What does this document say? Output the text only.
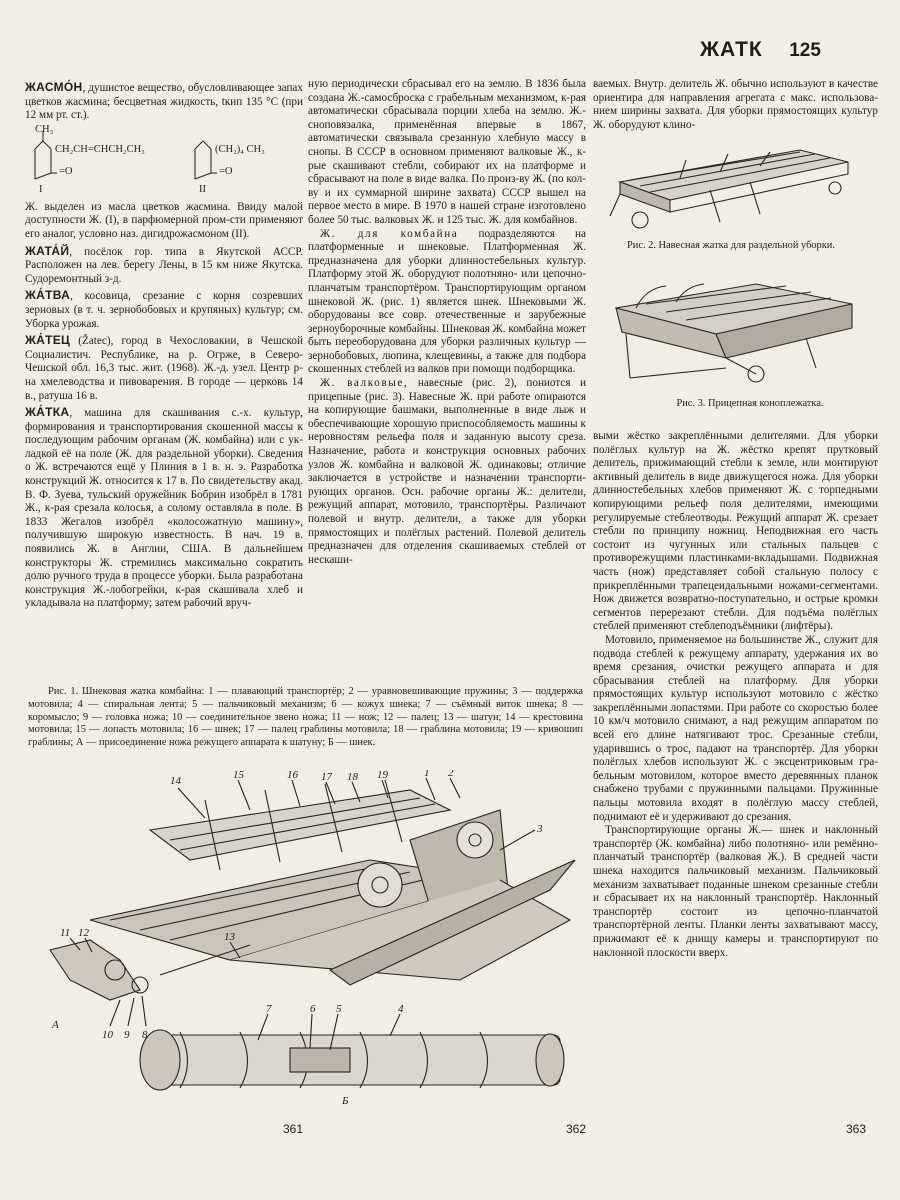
ЖАТК 125

ЖАСМО́Н, душистое вещество, обусловливающее запах цветков жасмина; бесцветная жидкость, tкип 135 °C (при 12 мм рт. ст.).

CH₃
CH₂CH=CHCH₂CH₃
=O
(CH₂)₄ CH₃
=O
I	II

Ж. выделен из масла цветков жасмина. Ввиду малой доступности Ж. (I), в парфюмерной пром-сти применяют его аналог, условно наз. дигидрожасмоном (II).

ЖАТА́Й, посёлок гор. типа в Якутской АССР. Расположен на лев. берегу Лены, в 15 км ниже Якутска. Судоремонтный з-д.

ЖА́ТВА, косовица, срезание с корня созревших зерновых (в т. ч. зернобобовых и крупяных) культур; см. Уборка урожая.

ЖА́ТЕЦ (Žatec), город в Чехословакии, в Чешской Социалистич. Республике, на р. Огрже, в Северо-Чешской обл. 16,3 тыс. жит. (1968). Ж.-д. узел. Центр р-на хмелеводства и пивоварения. В городе — церковь 14 в., ратуша 16 в.

ЖА́ТКА, машина для скашивания с.-х. культур, формирования и транспортирования скошенной массы к последующим рабочим органам (Ж. комбайна) или с укладкой её на поле (Ж. для раздельной уборки). Сведения о Ж. встречаются ещё у Плиния в 1 в. н. э. Разработка конструкций Ж. относится к 17 в. По свидетельству акад. В. Ф. Зуева, тульский оружейник Бобрин изобрёл в 1781 Ж., к-рая срезала колосья, а солому оставляла в поле. В 1833 Жегалов изобрёл «колосожатную машину», получившую широкую известность. В нач. 19 в. появились Ж. в Англии, США. В дальнейшем конструкторы Ж. стремились максимально сократить долю ручного труда в процессе уборки. Была разработана конструкция Ж.-лобогрейки, к-рая скашивала хлеб и укладывала на платформу; затем рабочий вруч-

ную периодически сбрасывал его на землю. В 1836 была создана Ж.-самосброска с грабельным механизмом, к-рая автоматически сбрасывала порции хлеба на землю. Ж.-сноповязалка, применённая впервые в 1867, автоматически связывала срезанную хлебную массу в снопы. В СССР в основном применяют валковые Ж., к-рые скашивают стебли, собирают их на платформе и сбрасывают на поле в виде валка. По произ-ву Ж. (по кол-ву и их суммарной ширине захвата) СССР вышел на первое место в мире. В 1970 в нашей стране изготовлено более 50 тыс. валковых Ж. и 125 тыс. Ж. для комбайнов.

Ж. для комбайна подразделяются на платформенные и шнековые. Платформенная Ж. предназначена для уборки длинностебельных культур. Платформу этой Ж. оборудуют полотняно- или цепочно-планчатым транспортёром. Транспортирующим органом шнековой Ж. (рис. 1) является шнек. Шнековыми Ж. оборудованы все совр. отечественные и зарубежные зерноуборочные комбайны. Шнековая Ж. комбайна может быть переоборудована для уборки различных культур — зернобобовых, люпина, клещевины, а также для подбора скошенных стеблей из валков при помощи подборщика.

Ж. валковые, навесные (рис. 2), пониотся и прицепные (рис. 3). Навесные Ж. при работе опираются на копирующие башмаки, выполненные в виде лыж и обеспечивающие хорошую приспособляемость машины к неровностям рельефа поля и заданную высоту среза. Назначение, работа и конструкция основных рабочих узлов Ж. комбайна и валковой Ж. одинаковы; отличие заключается в устройстве и назначении транспортирующих органов. Осн. рабочие органы Ж.: делители, режущий аппарат, мотовило, транспортёры. Различают полевой и внутр. делители, а также для уборки прямостоящих и полёглых растений. Полевой делитель предназначен для отделения скашиваемых стеблей от нескаши-

ваемых. Внутр. делитель Ж. обычно используют в качестве ориентира для направления агрегата с макс. использованием ширины захвата. Для уборки прямостоящих культур Ж. оборудуют клино-

Рис. 2. Навесная жатка для раздельной уборки.
Рис. 3. Прицепная коноплежатка.

выми жёстко закреплёнными делителями. Для уборки полёглых культур на Ж. жёстко крепят прутковый делитель, прижимающий стебли к земле, или монтируют активный делитель в виде движущегося ножа. Для уборки длинностебельных хлебов применяют Ж. с торпедными копирующими рельеф поля делителями, имеющими регулируемые стеблeотводы. Режущий аппарат Ж. срезает стебли по принципу ножниц. Неподвижная его часть состоит из чугунных или стальных пальцев с противорежущими пластинками-вкладышами. Подвижная часть (нож) представляет собой стальную полосу с прикреплёнными трапецеидальными ножами-сегментами. Нож движется возвратно-поступательно, и острые кромки сегментов перерезают стебли. Для подъёма полёглых стеблей применяют стеблеподъёмники (лифтёры).

Мотовило, применяемое на большинстве Ж., служит для подвода стеблей к режущему аппарату, удержания их во время срезания, очистки режущего аппарата и для сбрасывания стеблей на платформу. Для уборки прямостоящих культур используют мотовило с жёстко закреплёнными лопастями. При работе со скоростью более 10 км/ч мотовило снимают, а над режущим аппаратом по всей его длине натягивают трос. Срезанные стебли, ударившись о трос, падают на транспортёр. Для уборки полёглых хлебов используют Ж. с эксцентриковым грабельным мотовилом, которое вместо деревянных планок снабжено трубами с пружинными пальцами. Пружинные пальцы мотовила входят в полёглую массу стеблей, поднимают её и удерживают до срезания.

Транспортирующие органы Ж.— шнек и наклонный транспортёр (Ж. комбайна) либо полотняно- или ремённо-планчатый транспортёр (валковая Ж.). В средней части шнека находится пальчиковый механизм. Пальчиковый механизм захватывает поданные шнеком срезанные стебли и сбрасывает их на наклонный транспортёр. Наклонный транспортёр состоит из цепочно-планчатой транспортёрной ленты. Планки ленты захватывают массу, прижимают её к днищу камеры и транспортируют по наклонной плоскости вверх.

Рис. 1. Шнековая жатка комбайна: 1 — плавающий транспортёр; 2 — уравновешивающие пружины; 3 — поддержка мотовила; 4 — спиральная лента; 5 — пальчиковый механизм; 6 — кожух шнека; 7 — съёмный виток шнека; 8 — коромысло; 9 — головка ножа; 10 — соединительное звено ножа; 11 — нож; 12 — палец; 13 — шатун; 14 — крестовина мотовила; 15 — лопасть мотовила; 16 — шнек; 17 — палец граблины мотовила; 18 — граблина мотовила; 19 — кривошип граблины; А — присоединение ножа режущего аппарата к шатуну; Б — шнек.
14	15	16 17 18 19	1 2
3
11 12	13
10 9 8
7	6 5	4
А
Б
361	362	363
